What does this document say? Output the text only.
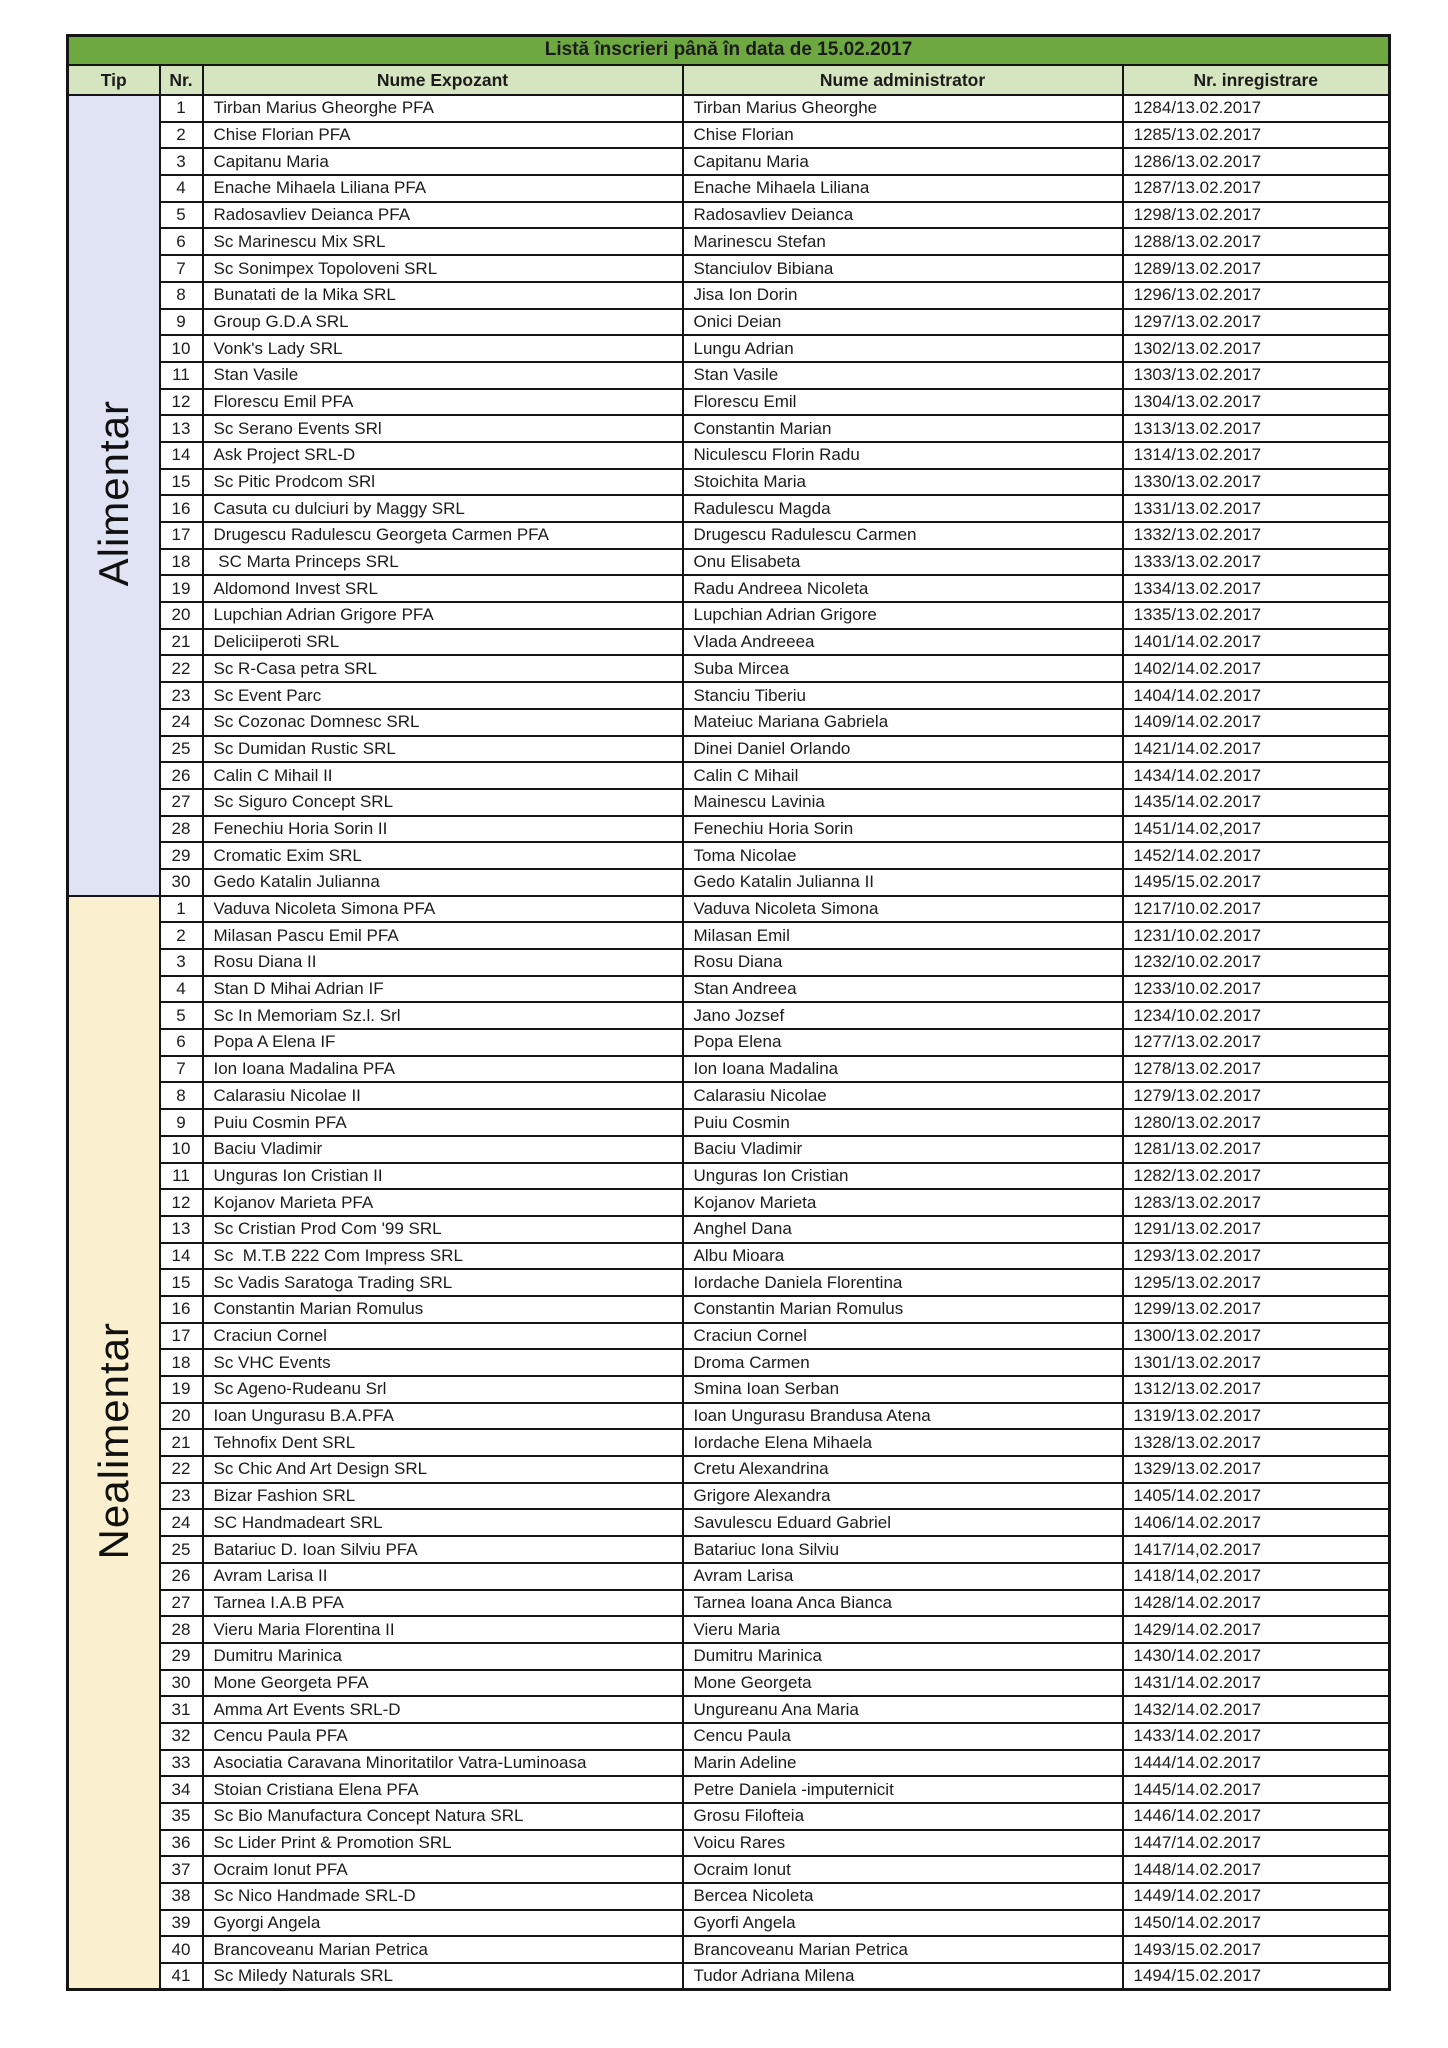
Listă înscrieri până în data de 15.02.2017				
Tip	Nr.	Nume Expozant	Nume administrator	Nr. inregistrare
Alimentar	1	Tirban Marius Gheorghe PFA	Tirban Marius Gheorghe	1284/13.02.2017
	2	Chise Florian PFA	Chise Florian	1285/13.02.2017
	3	Capitanu Maria	Capitanu Maria	1286/13.02.2017
	4	Enache Mihaela Liliana PFA	Enache Mihaela Liliana	1287/13.02.2017
	5	Radosavliev Deianca PFA	Radosavliev Deianca	1298/13.02.2017
	6	Sc Marinescu Mix SRL	Marinescu Stefan	1288/13.02.2017
	7	Sc Sonimpex Topoloveni SRL	Stanciulov Bibiana	1289/13.02.2017
	8	Bunatati de la Mika SRL	Jisa Ion Dorin	1296/13.02.2017
	9	Group G.D.A SRL	Onici Deian	1297/13.02.2017
	10	Vonk's Lady SRL	Lungu Adrian	1302/13.02.2017
	11	Stan Vasile	Stan Vasile	1303/13.02.2017
	12	Florescu Emil PFA	Florescu Emil	1304/13.02.2017
	13	Sc Serano Events SRl	Constantin Marian	1313/13.02.2017
	14	Ask Project SRL-D	Niculescu Florin Radu	1314/13.02.2017
	15	Sc Pitic Prodcom SRl	Stoichita Maria	1330/13.02.2017
	16	Casuta cu dulciuri by Maggy SRL	Radulescu Magda	1331/13.02.2017
	17	Drugescu Radulescu Georgeta Carmen PFA	Drugescu Radulescu Carmen	1332/13.02.2017
	18	SC Marta Princeps SRL	Onu Elisabeta	1333/13.02.2017
	19	Aldomond Invest SRL	Radu Andreea Nicoleta	1334/13.02.2017
	20	Lupchian Adrian Grigore PFA	Lupchian Adrian Grigore	1335/13.02.2017
	21	Deliciiperoti SRL	Vlada Andreeea	1401/14.02.2017
	22	Sc R-Casa petra SRL	Suba Mircea	1402/14.02.2017
	23	Sc Event Parc	Stanciu Tiberiu	1404/14.02.2017
	24	Sc Cozonac Domnesc SRL	Mateiuc Mariana Gabriela	1409/14.02.2017
	25	Sc Dumidan Rustic SRL	Dinei Daniel Orlando	1421/14.02.2017
	26	Calin C Mihail II	Calin C Mihail	1434/14.02.2017
	27	Sc Siguro Concept SRL	Mainescu Lavinia	1435/14.02.2017
	28	Fenechiu Horia Sorin II	Fenechiu Horia Sorin	1451/14.02,2017
	29	Cromatic Exim SRL	Toma Nicolae	1452/14.02.2017
	30	Gedo Katalin Julianna	Gedo Katalin Julianna II	1495/15.02.2017
Nealimentar	1	Vaduva Nicoleta Simona PFA	Vaduva Nicoleta Simona	1217/10.02.2017
	2	Milasan Pascu Emil PFA	Milasan Emil	1231/10.02.2017
	3	Rosu Diana II	Rosu Diana	1232/10.02.2017
	4	Stan D Mihai Adrian IF	Stan Andreea	1233/10.02.2017
	5	Sc In Memoriam Sz.l. Srl	Jano Jozsef	1234/10.02.2017
	6	Popa A Elena IF	Popa Elena	1277/13.02.2017
	7	Ion Ioana Madalina PFA	Ion Ioana Madalina	1278/13.02.2017
	8	Calarasiu Nicolae II	Calarasiu Nicolae	1279/13.02.2017
	9	Puiu Cosmin PFA	Puiu Cosmin	1280/13.02.2017
	10	Baciu Vladimir	Baciu Vladimir	1281/13.02.2017
	11	Unguras Ion Cristian II	Unguras Ion Cristian	1282/13.02.2017
	12	Kojanov Marieta PFA	Kojanov Marieta	1283/13.02.2017
	13	Sc Cristian Prod Com '99 SRL	Anghel Dana	1291/13.02.2017
	14	Sc  M.T.B 222 Com Impress SRL	Albu Mioara	1293/13.02.2017
	15	Sc Vadis Saratoga Trading SRL	Iordache Daniela Florentina	1295/13.02.2017
	16	Constantin Marian Romulus	Constantin Marian Romulus	1299/13.02.2017
	17	Craciun Cornel	Craciun Cornel	1300/13.02.2017
	18	Sc VHC Events	Droma Carmen	1301/13.02.2017
	19	Sc Ageno-Rudeanu Srl	Smina Ioan Serban	1312/13.02.2017
	20	Ioan Ungurasu B.A.PFA	Ioan Ungurasu Brandusa Atena	1319/13.02.2017
	21	Tehnofix Dent SRL	Iordache Elena Mihaela	1328/13.02.2017
	22	Sc Chic And Art Design SRL	Cretu Alexandrina	1329/13.02.2017
	23	Bizar Fashion SRL	Grigore Alexandra	1405/14.02.2017
	24	SC Handmadeart SRL	Savulescu Eduard Gabriel	1406/14.02.2017
	25	Batariuc D. Ioan Silviu PFA	Batariuc Iona Silviu	1417/14,02.2017
	26	Avram Larisa II	Avram Larisa	1418/14,02.2017
	27	Tarnea I.A.B PFA	Tarnea Ioana Anca Bianca	1428/14.02.2017
	28	Vieru Maria Florentina II	Vieru Maria	1429/14.02.2017
	29	Dumitru Marinica	Dumitru Marinica	1430/14.02.2017
	30	Mone Georgeta PFA	Mone Georgeta	1431/14.02.2017
	31	Amma Art Events SRL-D	Ungureanu Ana Maria	1432/14.02.2017
	32	Cencu Paula PFA	Cencu Paula	1433/14.02.2017
	33	Asociatia Caravana Minoritatilor Vatra-Luminoasa	Marin Adeline	1444/14.02.2017
	34	Stoian Cristiana Elena PFA	Petre Daniela -imputernicit	1445/14.02.2017
	35	Sc Bio Manufactura Concept Natura SRL	Grosu Filofteia	1446/14.02.2017
	36	Sc Lider Print & Promotion SRL	Voicu Rares	1447/14.02.2017
	37	Ocraim Ionut PFA	Ocraim Ionut	1448/14.02.2017
	38	Sc Nico Handmade SRL-D	Bercea Nicoleta	1449/14.02.2017
	39	Gyorgi Angela	Gyorfi Angela	1450/14.02.2017
	40	Brancoveanu Marian Petrica	Brancoveanu Marian Petrica	1493/15.02.2017
	41	Sc Miledy Naturals SRL	Tudor Adriana Milena	1494/15.02.2017
